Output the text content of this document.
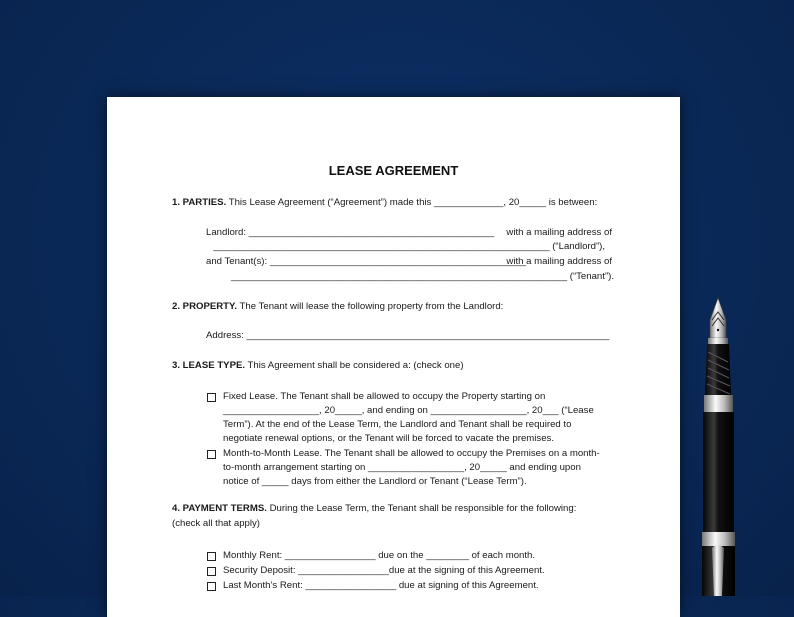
LEASE AGREEMENT
1. PARTIES. This Lease Agreement (“Agreement”) made this _____________, 20_____ is between:
Landlord: ______________________________________________ with a mailing address of
_______________________________________________________________ (“Landlord”),
and Tenant(s): ________________________________________________
with a mailing address of
_______________________________________________________________ (“Tenant”).
2. PROPERTY. The Tenant will lease the following property from the Landlord:
Address: ____________________________________________________________________
3. LEASE TYPE. This Agreement shall be considered a: (check one)
Fixed Lease. The Tenant shall be allowed to occupy the Property starting on
__________________, 20_____, and ending on __________________, 20___ (“Lease
Term”). At the end of the Lease Term, the Landlord and Tenant shall be required to
negotiate renewal options, or the Tenant will be forced to vacate the premises.
Month-to-Month Lease. The Tenant shall be allowed to occupy the Premises on a month-
to-month arrangement starting on __________________, 20_____ and ending upon
notice of _____ days from either the Landlord or Tenant (“Lease Term”).
4. PAYMENT TERMS. During the Lease Term, the Tenant shall be responsible for the following:
(check all that apply)
Monthly Rent: _________________ due on the ________ of each month.
Security Deposit: _________________due at the signing of this Agreement.
Last Month’s Rent: _________________ due at signing of this Agreement.
